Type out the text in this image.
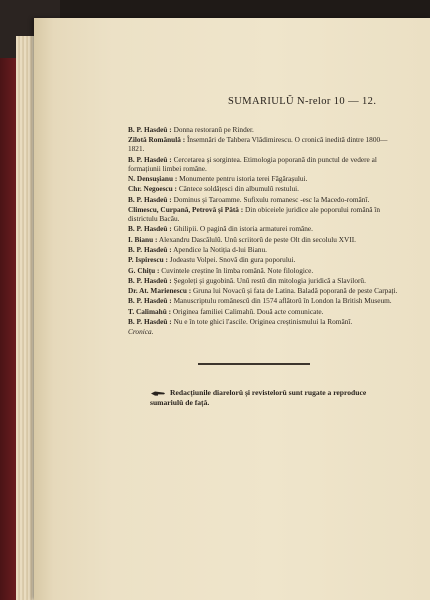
SUMARIULŬ N-relor 10 — 12.
B. P. Hasdeŭ : Donna restoranŭ pe Rinder.
Zilotă Românulă : Însemnări de Tahbera Vlădimirescu. O cronică inedită dintre 1800—1821.
B. P. Hasdeŭ : Cercetarea și sorgintea. Etimologia poporană din punctul de vedere al formațiunii limbei române.
N. Densușianu : Monumente pentru istoria terei Făgărașului.
Chr. Negoescu : Cântece soldățesci din albumulŭ restului.
B. P. Hasdeŭ : Dominus și Taroamme. Sufixulu romanesc -esc la Macedo-românĭ.
Climescu, Curpană, Petrovă și Pătă : Din obiceiele juridice ale poporului română în districtulu Bacău.
B. P. Hasdeŭ : Ghilipii. O pagină din istoria armaturei române.
I. Bianu : Alexandru Dascălulŭ. Unŭ scriitorŭ de peste Olt din secolulu XVII.
B. P. Hasdeŭ : Apendice la Notiția d-lui Bianu.
P. Ispirescu : Jodeastu Volpei. Snovă din gura poporului.
G. Chițu : Cuvintele creștine în limba română. Note filologice.
B. P. Hasdeŭ : Șegoleți și gugobină. Unŭ restŭ din mitologia juridică a Slavilorŭ.
Dr. At. Marienescu : Gruna lui Novacŭ și fata de Latina. Baladă poporană de peste Carpați.
B. P. Hasdeŭ : Manuscriptulu românescŭ din 1574 aflătorŭ în London la British Museum.
T. Calimahŭ : Originea familiei Calimahŭ. Două acte comunicate.
B. P. Hasdeŭ : Nu e în tote ghici l'ascile. Originea creștinismului la Românĭ.
Cronica.
Redacțiunile diarelorŭ și revistelorŭ sunt rugate a reproduce sumariulŭ de față.
